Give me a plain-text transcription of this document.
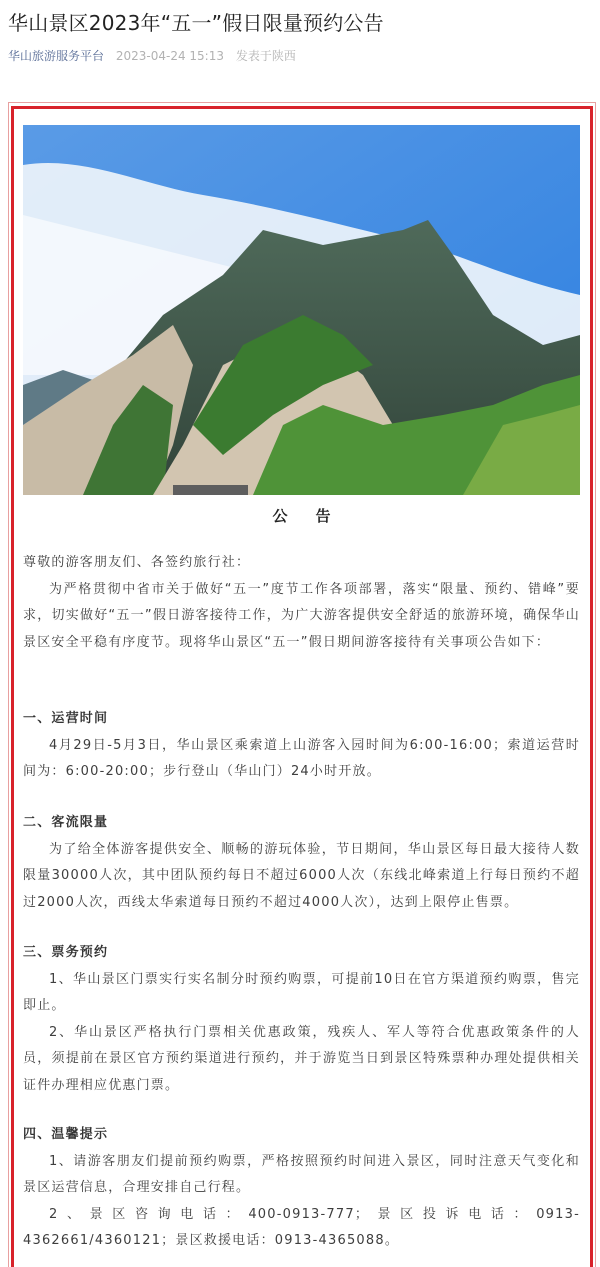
华山景区2023年“五一”假日限量预约公告
华山旅游服务平台 2023-04-24 15:13 发表于陕西
公告

尊敬的游客朋友们、各签约旅行社：

为严格贯彻中省市关于做好“五一”度节工作各项部署，落实“限量、预约、错峰”要求，切实做好“五一”假日游客接待工作，为广大游客提供安全舒适的旅游环境，确保华山景区安全平稳有序度节。现将华山景区“五一”假日期间游客接待有关事项公告如下：

一、运营时间

4月29日-5月3日，华山景区乘索道上山游客入园时间为6:00-16:00；索道运营时间为：6:00-20:00；步行登山（华山门）24小时开放。

二、客流限量

为了给全体游客提供安全、顺畅的游玩体验，节日期间，华山景区每日最大接待人数限量30000人次，其中团队预约每日不超过6000人次（东线北峰索道上行每日预约不超过2000人次，西线太华索道每日预约不超过4000人次），达到上限停止售票。

三、票务预约

1、华山景区门票实行实名制分时预约购票，可提前10日在官方渠道预约购票，售完即止。

2、华山景区严格执行门票相关优惠政策，残疾人、军人等符合优惠政策条件的人员，须提前在景区官方预约渠道进行预约，并于游览当日到景区特殊票种办理处提供相关证件办理相应优惠门票。

四、温馨提示

1、请游客朋友们提前预约购票，严格按照预约时间进入景区，同时注意天气变化和景区运营信息，合理安排自己行程。

2、景区咨询电话：400-0913-777；景区投诉电话：0913-4362661/4360121；景区救援电话：0913-4365088。
